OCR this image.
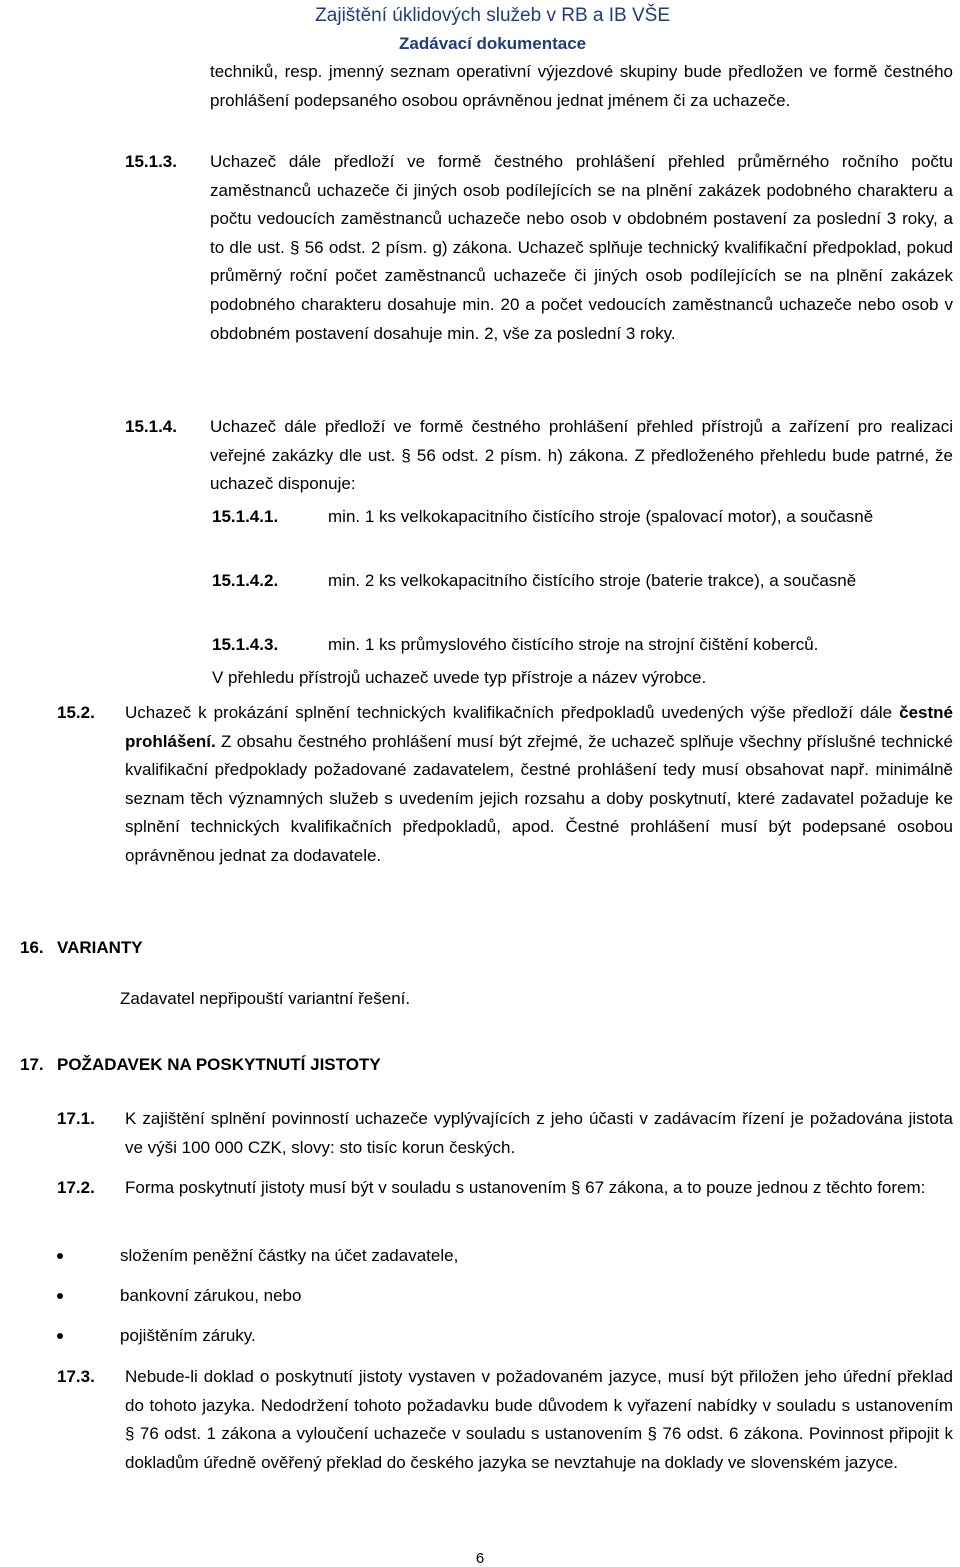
Zajištění úklidových služeb v RB a IB VŠE
Zadávací dokumentace
techniků, resp. jmenný seznam operativní výjezdové skupiny bude předložen ve formě čestného prohlášení podepsaného osobou oprávněnou jednat jménem či za uchazeče.
15.1.3. Uchazeč dále předloží ve formě čestného prohlášení přehled průměrného ročního počtu zaměstnanců uchazeče či jiných osob podílejících se na plnění zakázek podobného charakteru a počtu vedoucích zaměstnanců uchazeče nebo osob v obdobném postavení za poslední 3 roky, a to dle ust. § 56 odst. 2 písm. g) zákona. Uchazeč splňuje technický kvalifikační předpoklad, pokud průměrný roční počet zaměstnanců uchazeče či jiných osob podílejících se na plnění zakázek podobného charakteru dosahuje min. 20 a počet vedoucích zaměstnanců uchazeče nebo osob v obdobném postavení dosahuje min. 2, vše za poslední 3 roky.
15.1.4. Uchazeč dále předloží ve formě čestného prohlášení přehled přístrojů a zařízení pro realizaci veřejné zakázky dle ust. § 56 odst. 2 písm. h) zákona. Z předloženého přehledu bude patrné, že uchazeč disponuje:
15.1.4.1.	min. 1 ks velkokapacitního čistícího stroje (spalovací motor), a současně
15.1.4.2.	min. 2 ks velkokapacitního čistícího stroje (baterie trakce), a současně
15.1.4.3.	min. 1 ks průmyslového čistícího stroje na strojní čištění koberců.
V přehledu přístrojů uchazeč uvede typ přístroje a název výrobce.
15.2. Uchazeč k prokázání splnění technických kvalifikačních předpokladů uvedených výše předloží dále čestné prohlášení. Z obsahu čestného prohlášení musí být zřejmé, že uchazeč splňuje všechny příslušné technické kvalifikační předpoklady požadované zadavatelem, čestné prohlášení tedy musí obsahovat např. minimálně seznam těch významných služeb s uvedením jejich rozsahu a doby poskytnutí, které zadavatel požaduje ke splnění technických kvalifikačních předpokladů, apod. Čestné prohlášení musí být podepsané osobou oprávněnou jednat za dodavatele.
16. VARIANTY
Zadavatel nepřipouští variantní řešení.
17. POŽADAVEK NA POSKYTNUTÍ JISTOTY
17.1. K zajištění splnění povinností uchazeče vyplývajících z jeho účasti v zadávacím řízení je požadována jistota ve výši 100 000 CZK, slovy: sto tisíc korun českých.
17.2. Forma poskytnutí jistoty musí být v souladu s ustanovením § 67 zákona, a to pouze jednou z těchto forem:
složením peněžní částky na účet zadavatele,
bankovní zárukou, nebo
pojištěním záruky.
17.3. Nebude-li doklad o poskytnutí jistoty vystaven v požadovaném jazyce, musí být přiložen jeho úřední překlad do tohoto jazyka. Nedodržení tohoto požadavku bude důvodem k vyřazení nabídky v souladu s ustanovením § 76 odst. 1 zákona a vyloučení uchazeče v souladu s ustanovením § 76 odst. 6 zákona. Povinnost připojit k dokladům úředně ověřený překlad do českého jazyka se nevztahuje na doklady ve slovenském jazyce.
6
